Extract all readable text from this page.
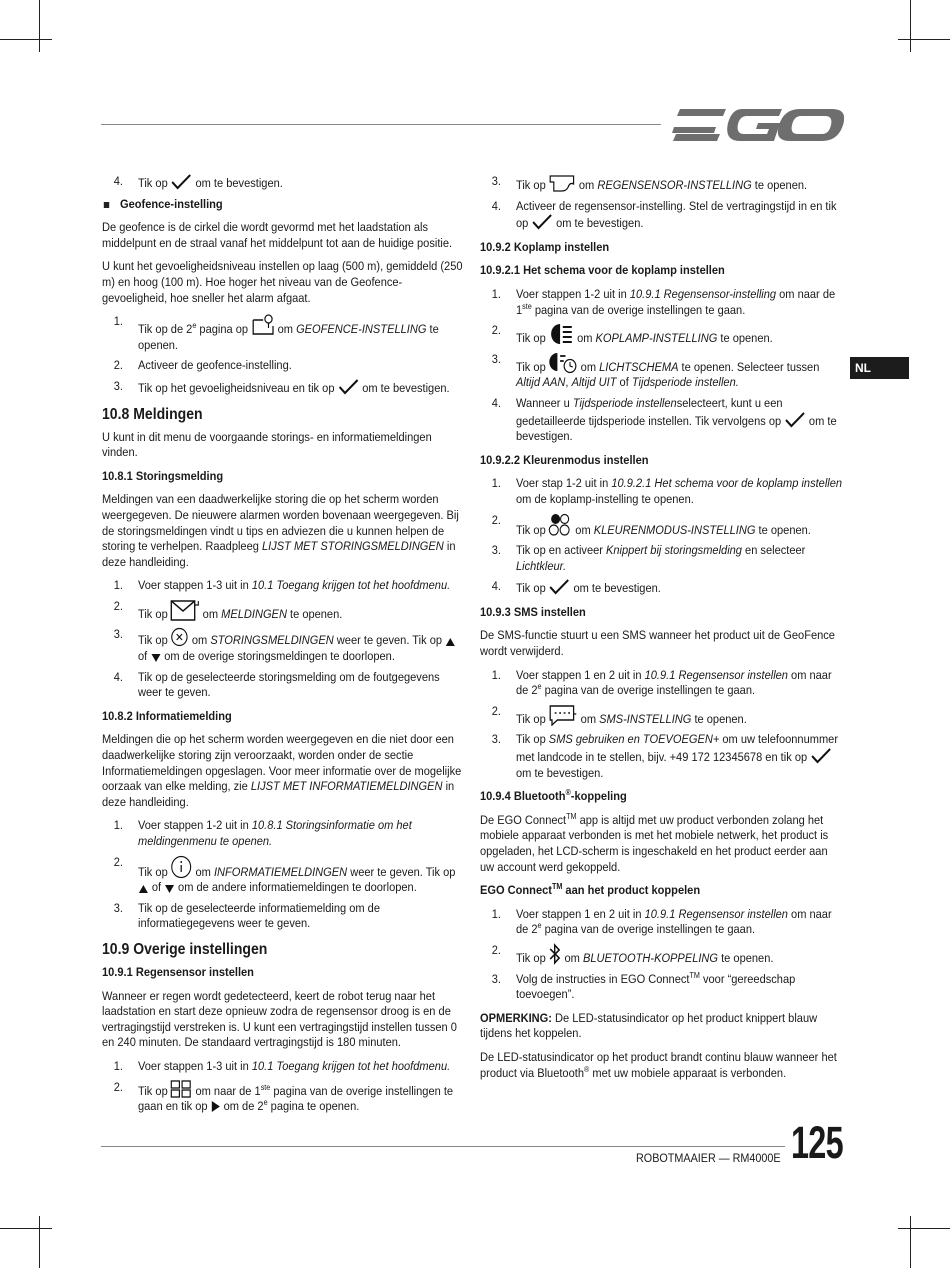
NL
4. Tik op  om te bevestigen.
Geofence-instelling

De geofence is de cirkel die wordt gevormd met het laadstation als middelpunt en de straal vanaf het middelpunt tot aan de huidige positie.

U kunt het gevoeligheidsniveau instellen op laag (500 m), gemiddeld (250 m) en hoog (100 m). Hoe hoger het niveau van de Geofence-gevoeligheid, hoe sneller het alarm afgaat.

1.
Tik op de 2e pagina op  om GEOFENCE-INSTELLING te openen.
2. Activeer de geofence-instelling.
3. Tik op het gevoeligheidsniveau en tik op  om te bevestigen.
10.8 Meldingen

U kunt in dit menu de voorgaande storings- en informatiemeldingen vinden.

10.8.1 Storingsmelding

Meldingen van een daadwerkelijke storing die op het scherm worden weergegeven. De nieuwere alarmen worden bovenaan weergegeven. Bij de storingsmeldingen vindt u tips en adviezen die u kunnen helpen de storing te verhelpen. Raadpleeg LIJST MET STORINGSMELDINGEN in deze handleiding.

1. Voer stappen 1-3 uit in 10.1 Toegang krijgen tot het hoofdmenu.
2.
Tik op  om MELDINGEN te openen.
3. Tik op  om STORINGSMELDINGEN weer te geven. Tik op  of  om de overige storingsmeldingen te doorlopen.
4. Tik op de geselecteerde storingsmelding om de foutgegevens weer te geven.
10.8.2 Informatiemelding

Meldingen die op het scherm worden weergegeven en die niet door een daadwerkelijke storing zijn veroorzaakt, worden onder de sectie Informatiemeldingen opgeslagen. Voor meer informatie over de mogelijke oorzaak van elke melding, zie LIJST MET INFORMATIEMELDINGEN in deze handleiding.

1. Voer stappen 1-2 uit in 10.8.1 Storingsinformatie om het meldingenmenu te openen.
2.
Tik op  om INFORMATIEMELDINGEN weer te geven. Tik op  of  om de andere informatiemeldingen te doorlopen.
3. Tik op de geselecteerde informatiemelding om de informatiegegevens weer te geven.
10.9 Overige instellingen
10.9.1 Regensensor instellen

Wanneer er regen wordt gedetecteerd, keert de robot terug naar het laadstation en start deze opnieuw zodra de regensensor droog is en de vertragingstijd verstreken is. U kunt een vertragingstijd instellen tussen 0 en 240 minuten. De standaard vertragingstijd is 180 minuten.

1. Voer stappen 1-3 uit in 10.1 Toegang krijgen tot het hoofdmenu.
2. Tik op  om naar de 1ste pagina van de overige instellingen te gaan en tik op  om de 2e pagina te openen.
3. Tik op  om REGENSENSOR-INSTELLING te openen.
4. Activeer de regensensor-instelling. Stel de vertragingstijd in en tik op  om te bevestigen.
10.9.2 Koplamp instellen
10.9.2.1 Het schema voor de koplamp instellen
1. Voer stappen 1-2 uit in 10.9.1 Regensensor-instelling om naar de 1ste pagina van de overige instellingen te gaan.
2.
Tik op  om KOPLAMP-INSTELLING te openen.
3.
Tik op  om LICHTSCHEMA te openen. Selecteer tussen Altijd AAN, Altijd UIT of Tijdsperiode instellen.
4. Wanneer u Tijdsperiode instellenselecteert, kunt u een gedetailleerde tijdsperiode instellen. Tik vervolgens op  om te bevestigen.
10.9.2.2 Kleurenmodus instellen
1. Voer stap 1-2 uit in 10.9.2.1 Het schema voor de koplamp instellen om de koplamp-instelling te openen.
2.
Tik op  om KLEURENMODUS-INSTELLING te openen.
3. Tik op en activeer Knippert bij storingsmelding en selecteer Lichtkleur.
4. Tik op  om te bevestigen.
10.9.3 SMS instellen

De SMS-functie stuurt u een SMS wanneer het product uit de GeoFence wordt verwijderd.

1. Voer stappen 1 en 2 uit in 10.9.1 Regensensor instellen om naar de 2e pagina van de overige instellingen te gaan.
2.
Tik op  om SMS-INSTELLING te openen.
3. Tik op SMS gebruiken en TOEVOEGEN+ om uw telefoonnummer met landcode in te stellen, bijv. +49 172 12345678 en tik op  om te bevestigen.
10.9.4 Bluetooth®-koppeling

De EGO Connect™ app is altijd met uw product verbonden zolang het mobiele apparaat verbonden is met het mobiele netwerk, het product is opgeladen, het LCD-scherm is ingeschakeld en het product eerder aan uw account werd gekoppeld.

EGO Connect™ aan het product koppelen
1. Voer stappen 1 en 2 uit in 10.9.1 Regensensor instellen om naar de 2e pagina van de overige instellingen te gaan.
2.
Tik op  om BLUETOOTH-KOPPELING te openen.
3. Volg de instructies in EGO Connect™ voor “gereedschap toevoegen”.

OPMERKING: De LED-statusindicator op het product knippert blauw tijdens het koppelen.

De LED-statusindicator op het product brandt continu blauw wanneer het product via Bluetooth® met uw mobiele apparaat is verbonden.

ROBOTMAAIER — RM4000E 125
